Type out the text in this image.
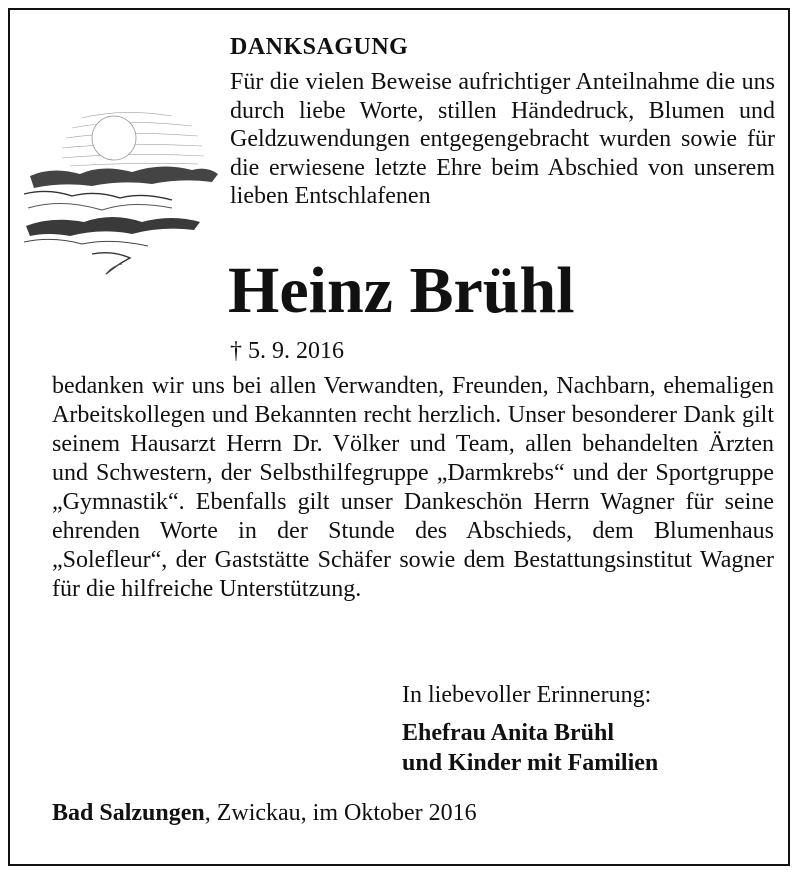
DANKSAGUNG

Für die vielen Beweise aufrichtiger Anteilnahme die uns durch liebe Worte, stillen Händedruck, Blumen und Geldzuwendungen entgegengebracht wurden sowie für die erwiesene letzte Ehre beim Abschied von unserem lieben Entschlafenen

Heinz Brühl

† 5. 9. 2016

bedanken wir uns bei allen Verwandten, Freunden, Nachbarn, ehemaligen Arbeitskollegen und Bekannten recht herzlich. Unser besonderer Dank gilt seinem Hausarzt Herrn Dr. Völker und Team, allen behandelten Ärzten und Schwestern, der Selbsthilfegruppe „Darmkrebs“ und der Sportgruppe „Gymnastik“. Ebenfalls gilt unser Dankeschön Herrn Wagner für seine ehrenden Worte in der Stunde des Abschieds, dem Blumenhaus „Solefleur“, der Gaststätte Schäfer sowie dem Bestattungsinstitut Wagner für die hilfreiche Unterstützung.

In liebevoller Erinnerung:

Ehefrau Anita Brühl

und Kinder mit Familien

Bad Salzungen, Zwickau, im Oktober 2016
